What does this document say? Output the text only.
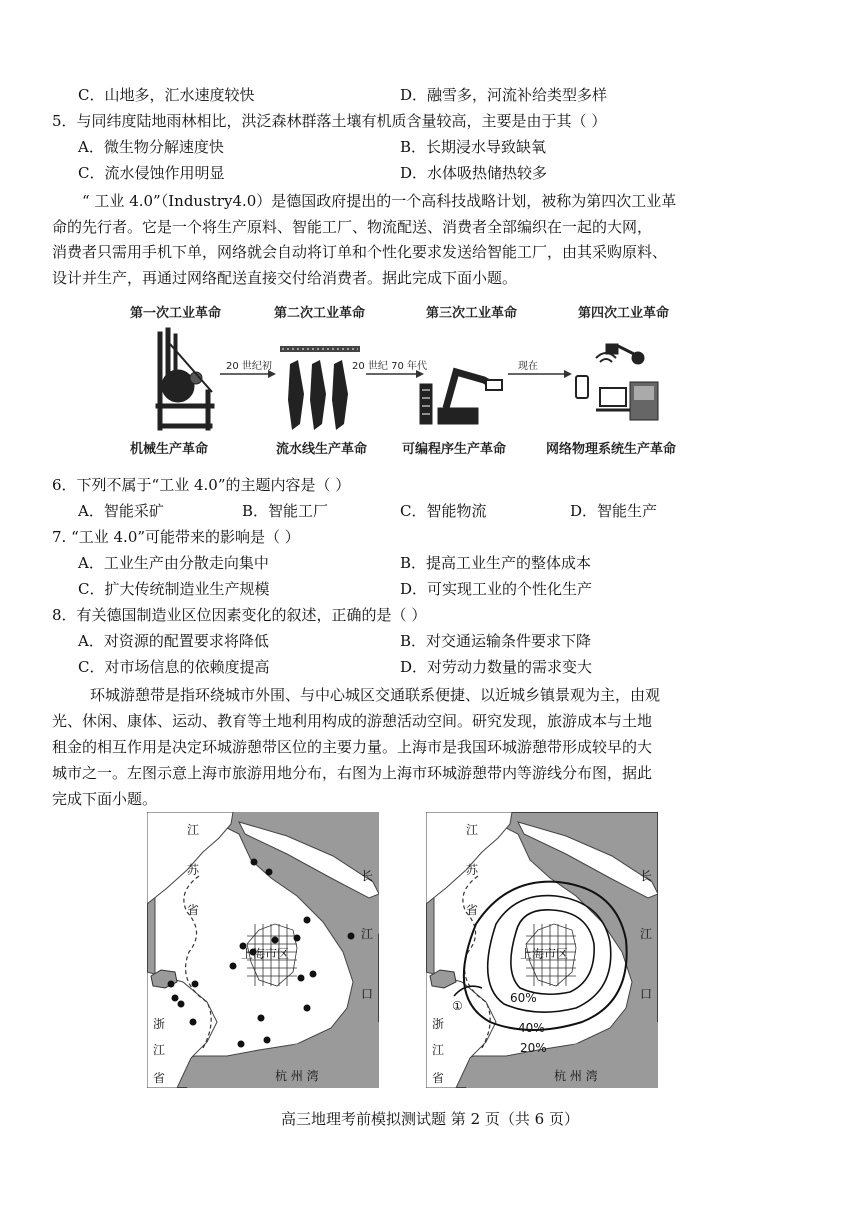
C．山地多，汇水速度较快	D．融雪多，河流补给类型多样
5．与同纬度陆地雨林相比，洪泛森林群落土壤有机质含量较高，主要是由于其（ ）
A．微生物分解速度快	B．长期浸水导致缺氧
C．流水侵蚀作用明显	D．水体吸热储热较多
“ 工业 4.0”（Industry4.0）是德国政府提出的一个高科技战略计划，被称为第四次工业革
命的先行者。它是一个将生产原料、智能工厂、物流配送、消费者全部编织在一起的大网，
消费者只需用手机下单，网络就会自动将订单和个性化要求发送给智能工厂，由其采购原料、
设计并生产，再通过网络配送直接交付给消费者。据此完成下面小题。
第一次工业革命	第二次工业革命	第三次工业革命	第四次工业革命
20 世纪初	20 世纪 70 年代	现在
机械生产革命	流水线生产革命	可编程序生产革命	网络物理系统生产革命
6．下列不属于“工业 4.0”的主题内容是（ ）
A．智能采矿	B．智能工厂	C．智能物流	D．智能生产
7. “工业 4.0”可能带来的影响是（ ）
A．工业生产由分散走向集中	B．提高工业生产的整体成本
C．扩大传统制造业生产规模	D．可实现工业的个性化生产
8．有关德国制造业区位因素变化的叙述，正确的是（ ）
A．对资源的配置要求将降低	B．对交通运输条件要求下降
C．对市场信息的依赖度提高	D．对劳动力数量的需求变大
环城游憩带是指环绕城市外围、与中心城区交通联系便捷、以近城乡镇景观为主，由观
光、休闲、康体、运动、教育等土地利用构成的游憩活动空间。研究发现，旅游成本与土地
租金的相互作用是决定环城游憩带区位的主要力量。上海市是我国环城游憩带形成较早的大
城市之一。左图示意上海市旅游用地分布，右图为上海市环城游憩带内等游线分布图，据此
完成下面小题。
江
苏
省
长
江
口
上海市区
浙
江
省	杭 州 湾
江
苏
省
长
江
口
上海市区
60%
40%
20%
①
浙
江
省	杭 州 湾
高三地理考前模拟测试题 第 2 页（共 6 页）
